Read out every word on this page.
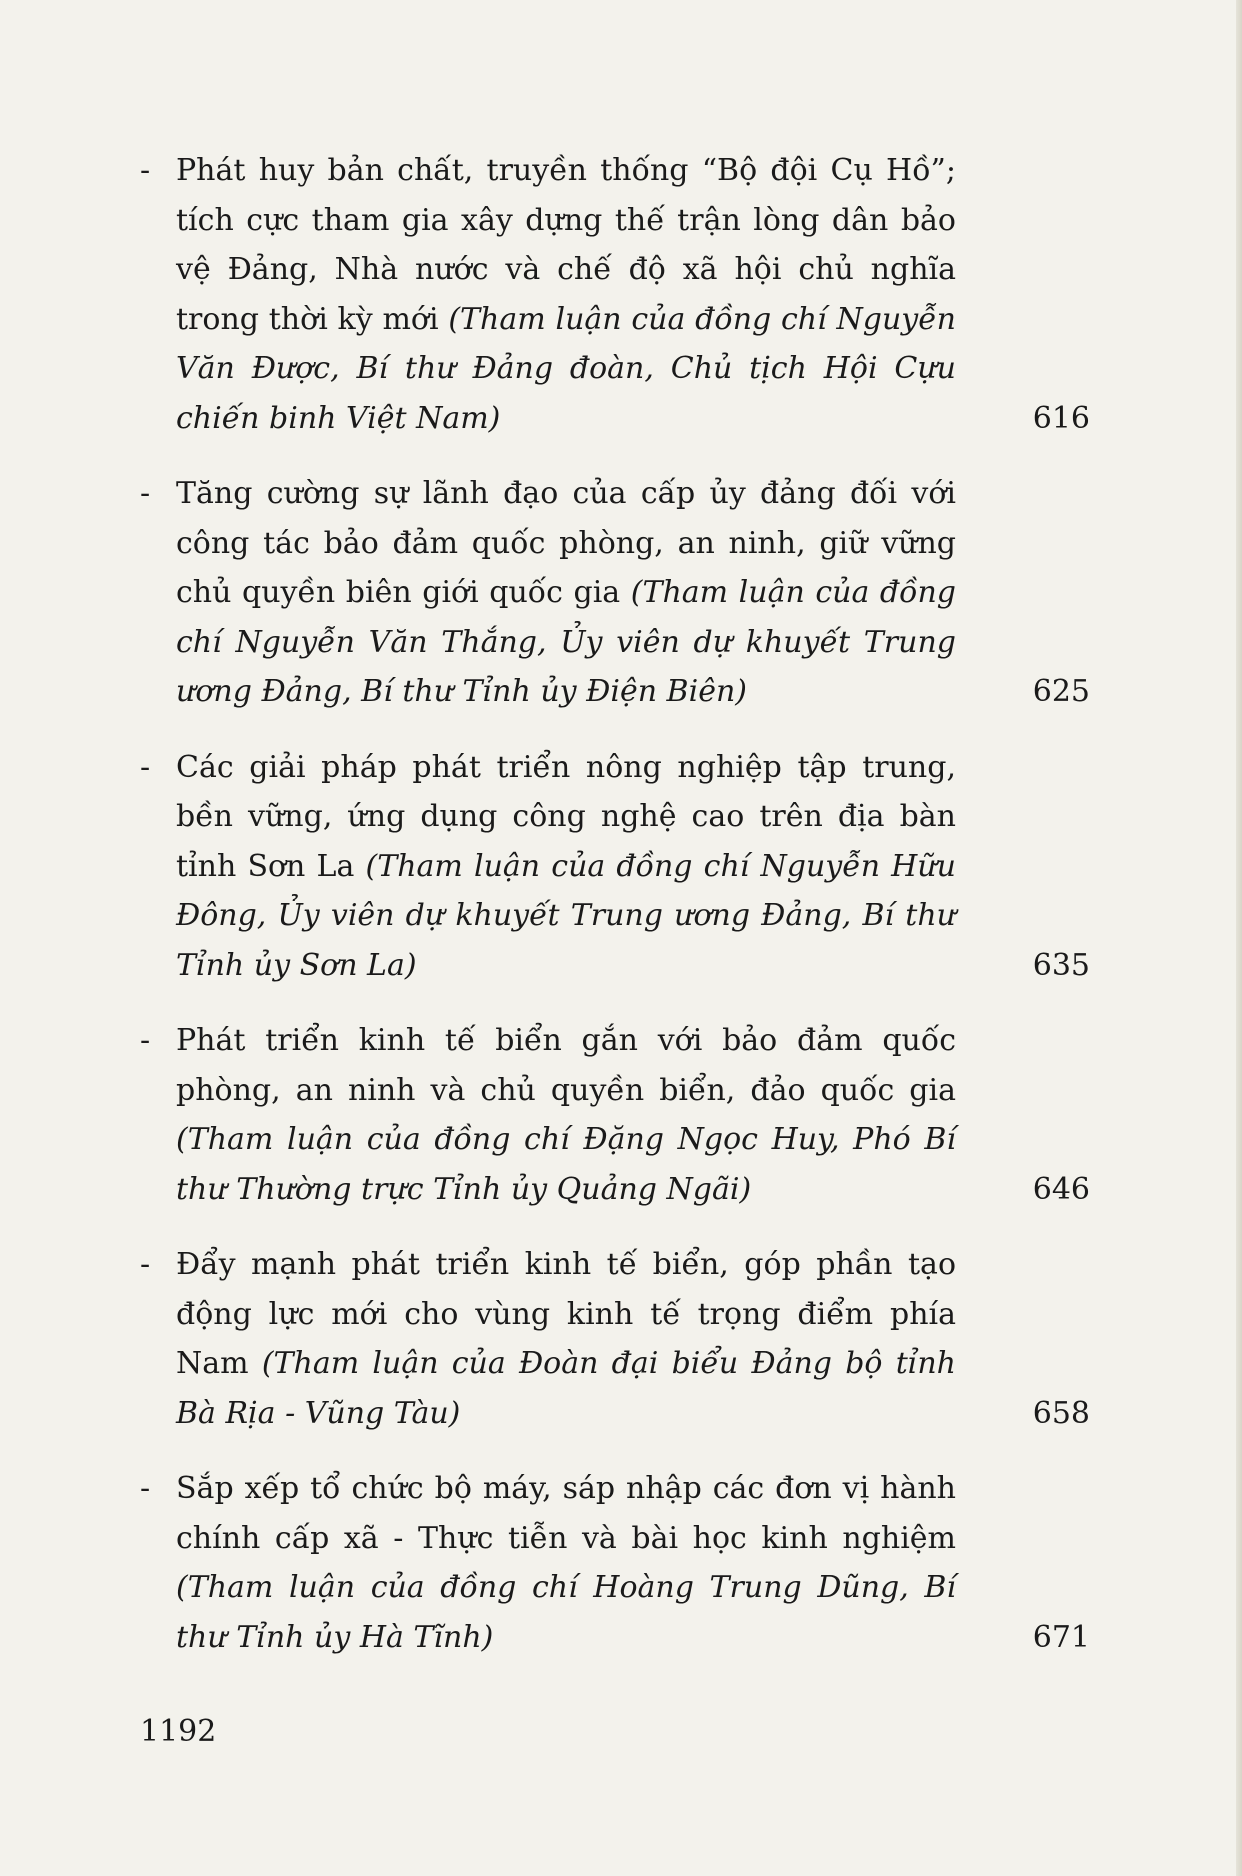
- Phát huy bản chất, truyền thống “Bộ đội Cụ Hồ”; tích cực tham gia xây dựng thế trận lòng dân bảo vệ Đảng, Nhà nước và chế độ xã hội chủ nghĩa trong thời kỳ mới (Tham luận của đồng chí Nguyễn Văn Được, Bí thư Đảng đoàn, Chủ tịch Hội Cựu chiến binh Việt Nam)	616
- Tăng cường sự lãnh đạo của cấp ủy đảng đối với công tác bảo đảm quốc phòng, an ninh, giữ vững chủ quyền biên giới quốc gia (Tham luận của đồng chí Nguyễn Văn Thắng, Ủy viên dự khuyết Trung ương Đảng, Bí thư Tỉnh ủy Điện Biên)	625
- Các giải pháp phát triển nông nghiệp tập trung, bền vững, ứng dụng công nghệ cao trên địa bàn tỉnh Sơn La (Tham luận của đồng chí Nguyễn Hữu Đông, Ủy viên dự khuyết Trung ương Đảng, Bí thư Tỉnh ủy Sơn La)	635
- Phát triển kinh tế biển gắn với bảo đảm quốc phòng, an ninh và chủ quyền biển, đảo quốc gia (Tham luận của đồng chí Đặng Ngọc Huy, Phó Bí thư Thường trực Tỉnh ủy Quảng Ngãi)	646
- Đẩy mạnh phát triển kinh tế biển, góp phần tạo động lực mới cho vùng kinh tế trọng điểm phía Nam (Tham luận của Đoàn đại biểu Đảng bộ tỉnh Bà Rịa - Vũng Tàu)	658
- Sắp xếp tổ chức bộ máy, sáp nhập các đơn vị hành chính cấp xã - Thực tiễn và bài học kinh nghiệm (Tham luận của đồng chí Hoàng Trung Dũng, Bí thư Tỉnh ủy Hà Tĩnh)	671
1192
